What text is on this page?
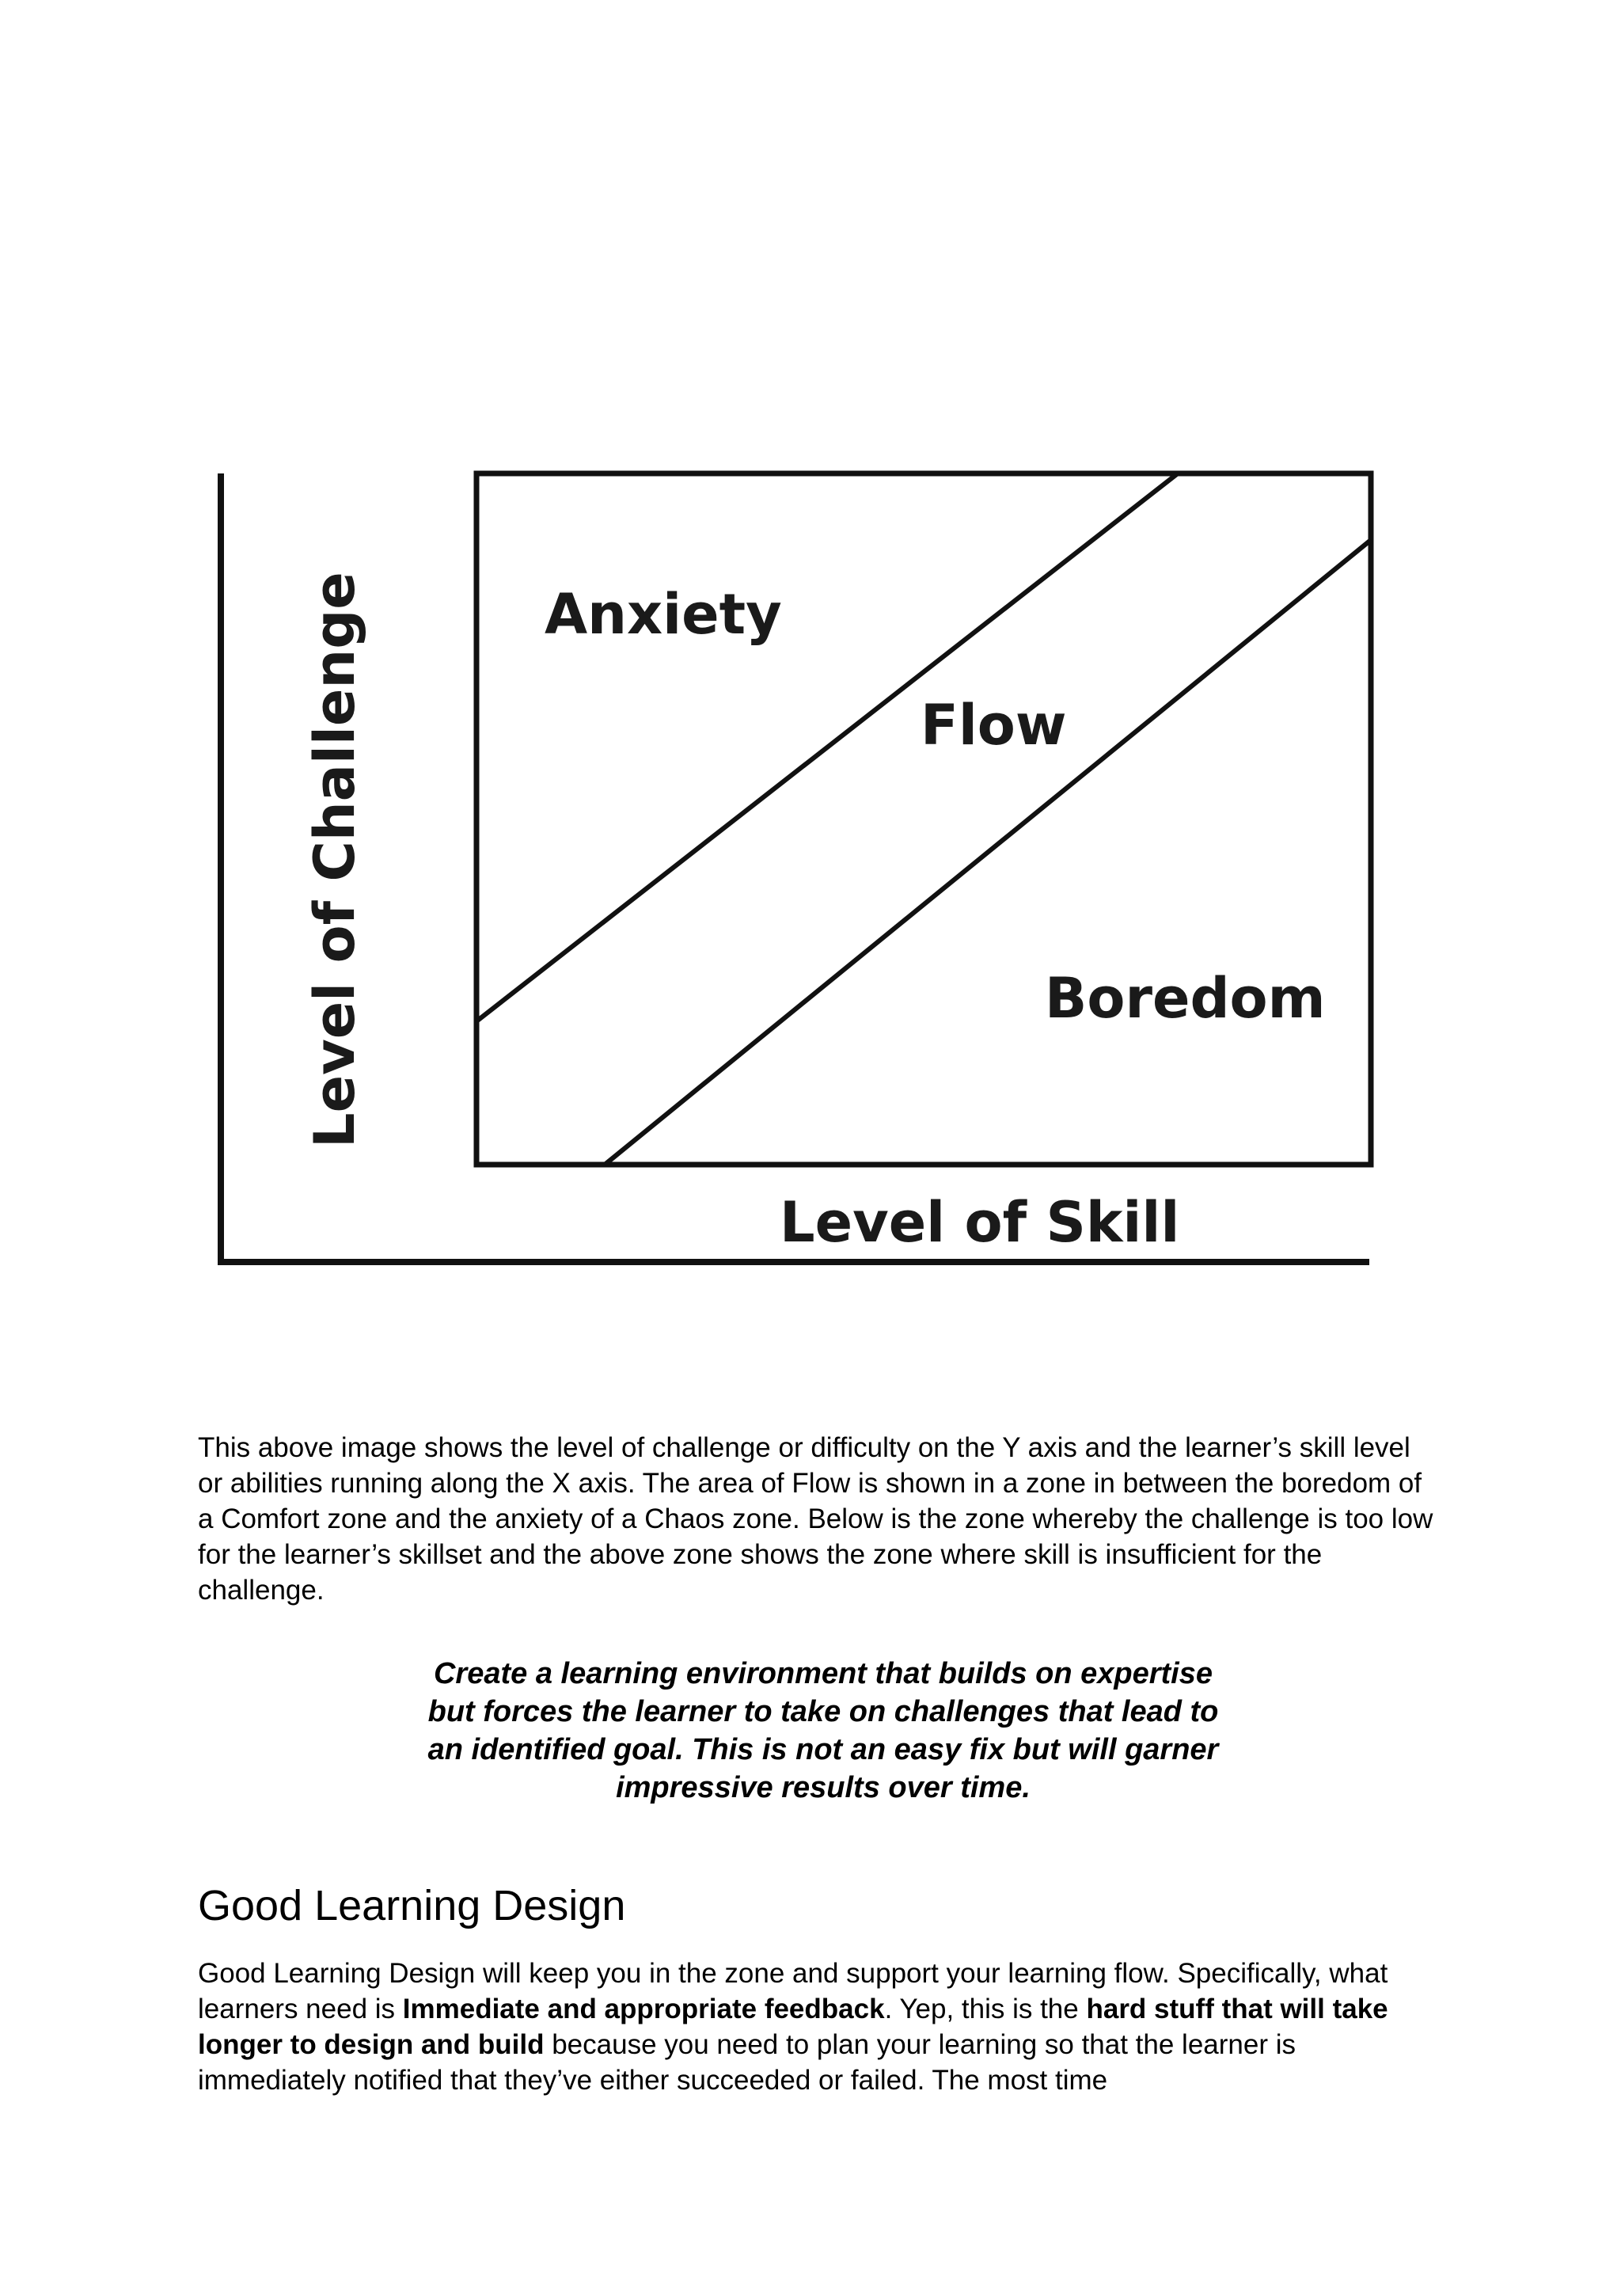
Anxiety
Flow
Boredom
Level of Skill
Level of Challenge

This above image shows the level of challenge or difficulty on the Y axis and the learner’s skill level or abilities running along the X axis. The area of Flow is shown in a zone in between the boredom of a Comfort zone and the anxiety of a Chaos zone. Below is the zone whereby the challenge is too low for the learner’s skillset and the above zone shows the zone where skill is insufficient for the challenge.

Create a learning environment that builds on expertise but forces the learner to take on challenges that lead to an identified goal. This is not an easy fix but will garner impressive results over time.

Good Learning Design

Good Learning Design will keep you in the zone and support your learning flow. Specifically, what learners need is Immediate and appropriate feedback. Yep, this is the hard stuff that will take longer to design and build because you need to plan your learning so that the learner is immediately notified that they’ve either succeeded or failed. The most time
